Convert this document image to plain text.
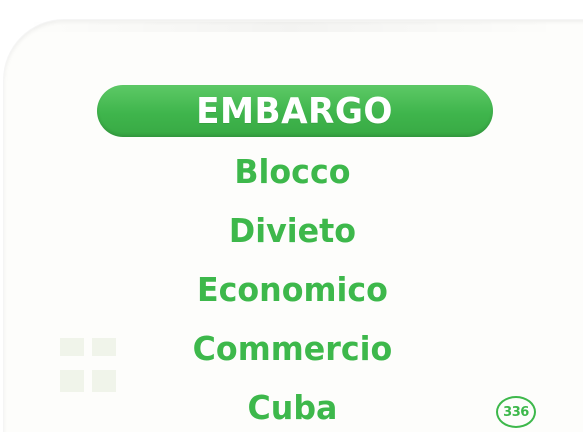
EMBARGO
Blocco
Divieto
Economico
Commercio
Cuba	336
